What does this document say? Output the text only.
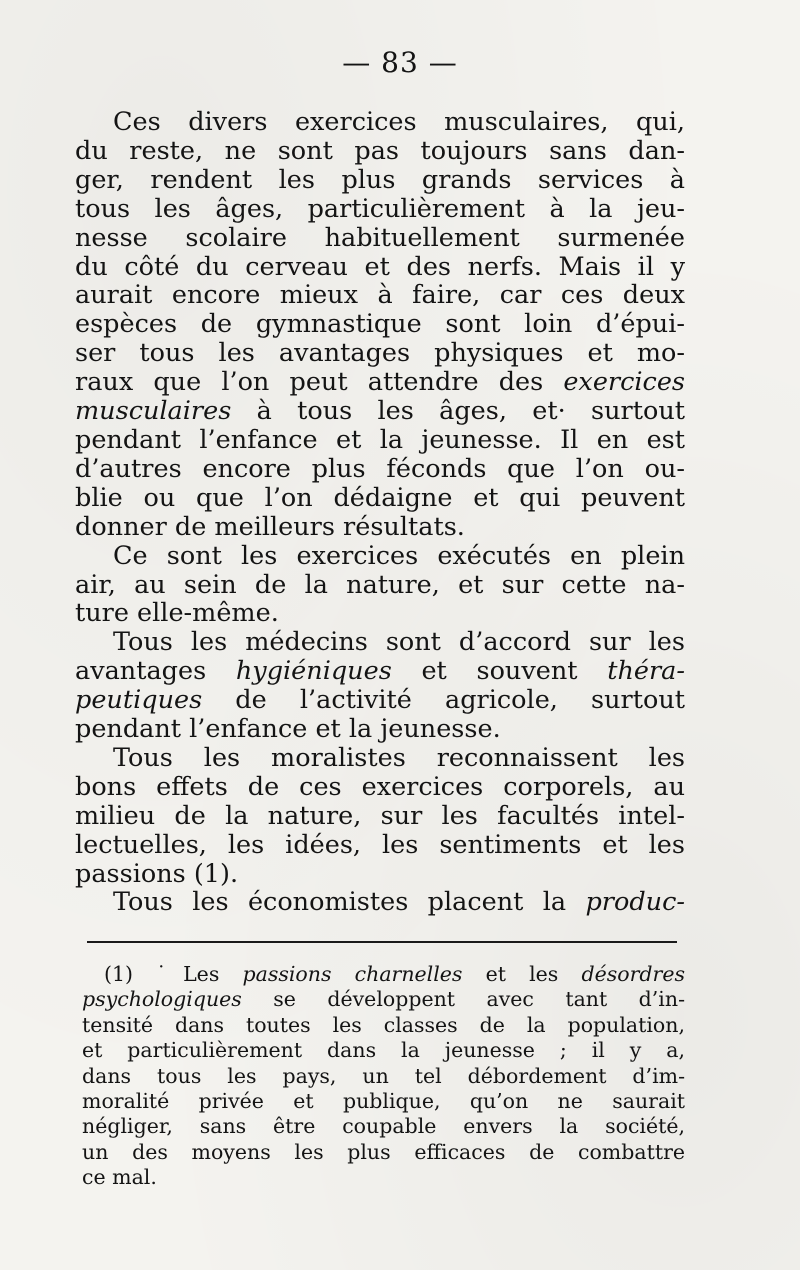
— 83 —
Ces divers exercices musculaires, qui,
du reste, ne sont pas toujours sans dan-
ger, rendent les plus grands services à
tous les âges, particulièrement à la jeu-
nesse scolaire habituellement surmenée
du côté du cerveau et des nerfs. Mais il y
aurait encore mieux à faire, car ces deux
espèces de gymnastique sont loin d’épui-
ser tous les avantages physiques et mo-
raux que l’on peut attendre des exercices
musculaires à tous les âges, et· surtout
pendant l’enfance et la jeunesse. Il en est
d’autres encore plus féconds que l’on ou-
blie ou que l’on dédaigne et qui peuvent
donner de meilleurs résultats.
Ce sont les exercices exécutés en plein
air, au sein de la nature, et sur cette na-
ture elle-même.
Tous les médecins sont d’accord sur les
avantages hygiéniques et souvent théra-
peutiques de l’activité agricole, surtout
pendant l’enfance et la jeunesse.
Tous les moralistes reconnaissent les
bons effets de ces exercices corporels, au
milieu de la nature, sur les facultés intel-
lectuelles, les idées, les sentiments et les
passions (1).
Tous les économistes placent la produc-
(1) ˙Les passions charnelles et les désordres
psychologiques se développent avec tant d’in-
tensité dans toutes les classes de la population,
et particulièrement dans la jeunesse ; il y a,
dans tous les pays, un tel débordement d’im-
moralité privée et publique, qu’on ne saurait
négliger, sans être coupable envers la société,
un des moyens les plus efficaces de combattre
ce mal.
